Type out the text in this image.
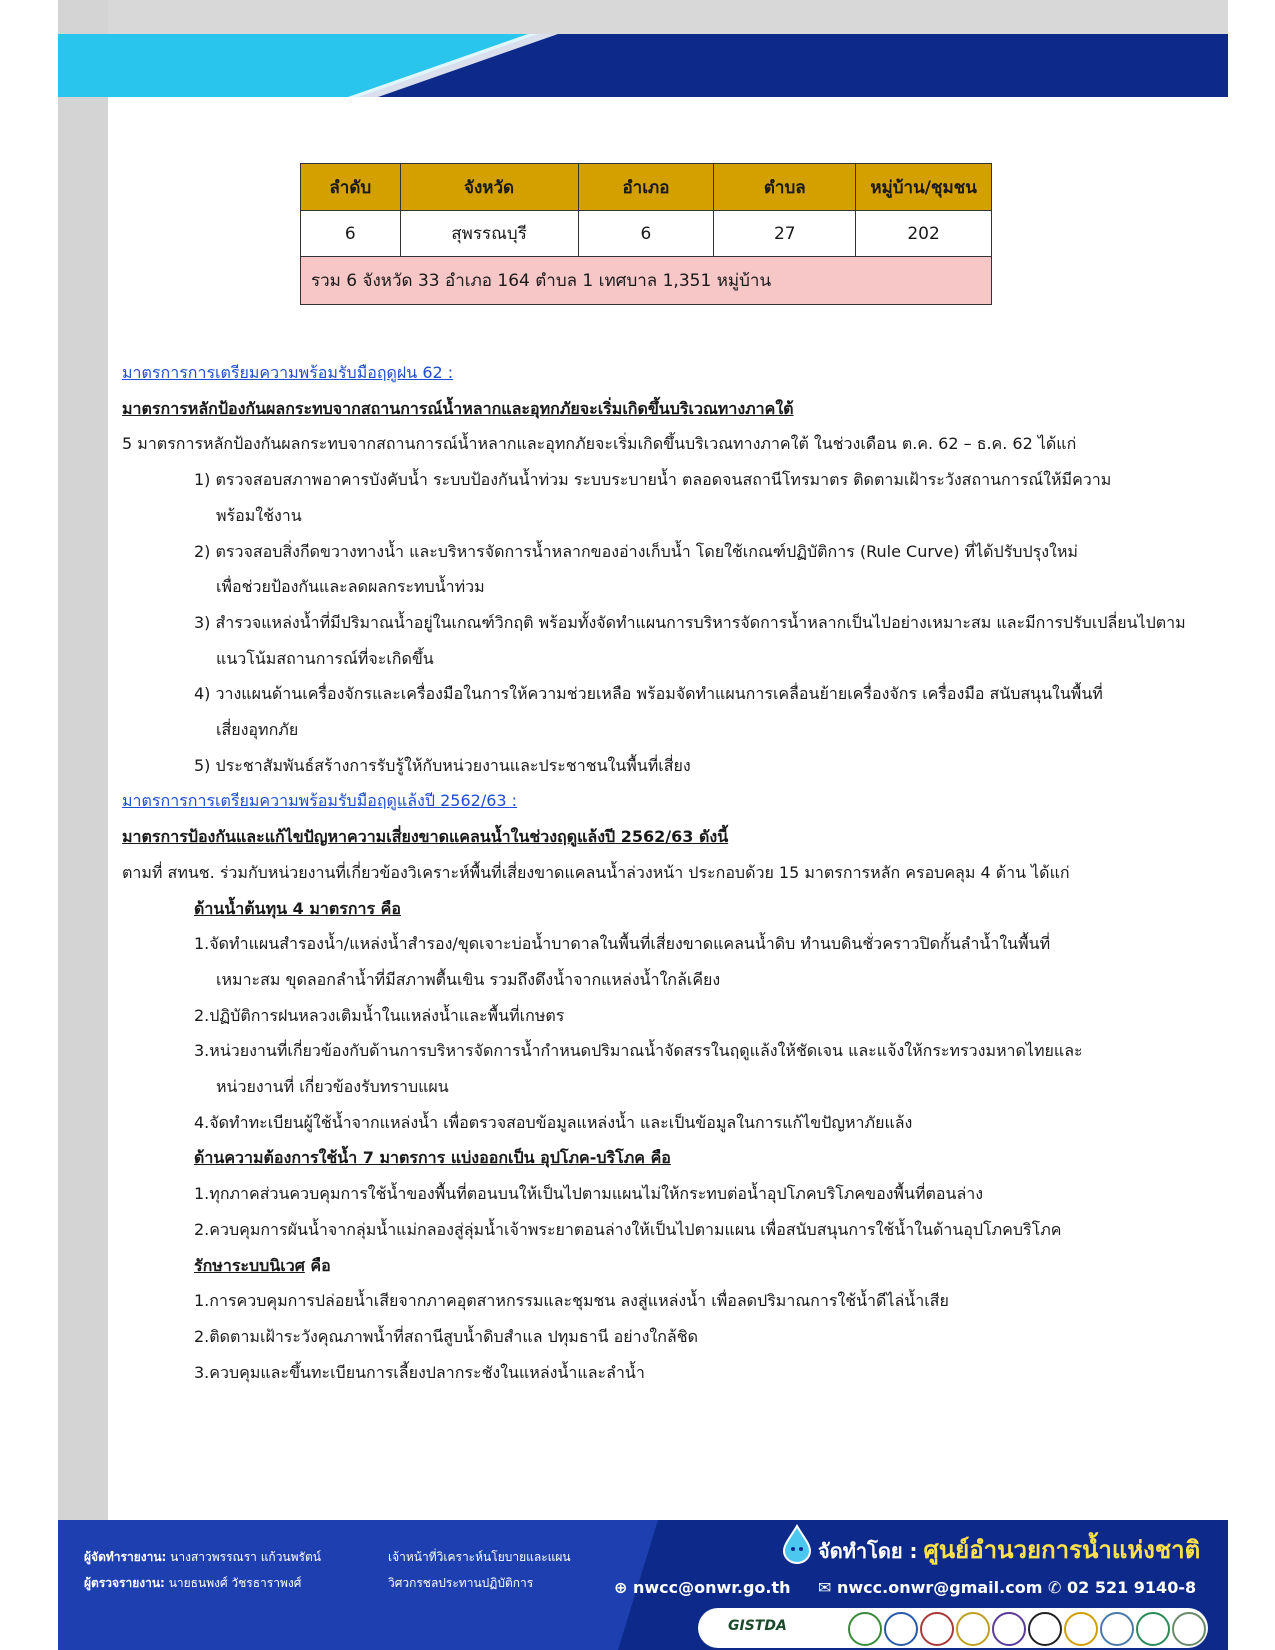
ลำดับ	จังหวัด	อำเภอ	ตำบล	หมู่บ้าน/ชุมชน
6	สุพรรณบุรี	6	27	202
รวม 6 จังหวัด 33 อำเภอ 164 ตำบล 1 เทศบาล 1,351 หมู่บ้าน				

มาตรการการเตรียมความพร้อมรับมือฤดูฝน 62 :

มาตรการหลักป้องกันผลกระทบจากสถานการณ์น้ำหลากและอุทกภัยจะเริ่มเกิดขึ้นบริเวณทางภาคใต้

5 มาตรการหลักป้องกันผลกระทบจากสถานการณ์น้ำหลากและอุทกภัยจะเริ่มเกิดขึ้นบริเวณทางภาคใต้ ในช่วงเดือน ต.ค. 62 – ธ.ค. 62 ได้แก่

1) ตรวจสอบสภาพอาคารบังคับน้ำ ระบบป้องกันน้ำท่วม ระบบระบายน้ำ ตลอดจนสถานีโทรมาตร ติดตามเฝ้าระวังสถานการณ์ให้มีความ

พร้อมใช้งาน

2) ตรวจสอบสิ่งกีดขวางทางน้ำ และบริหารจัดการน้ำหลากของอ่างเก็บน้ำ โดยใช้เกณฑ์ปฏิบัติการ (Rule Curve) ที่ได้ปรับปรุงใหม่

เพื่อช่วยป้องกันและลดผลกระทบน้ำท่วม

3) สำรวจแหล่งน้ำที่มีปริมาณน้ำอยู่ในเกณฑ์วิกฤติ พร้อมทั้งจัดทำแผนการบริหารจัดการน้ำหลากเป็นไปอย่างเหมาะสม และมีการปรับเปลี่ยนไปตาม

แนวโน้มสถานการณ์ที่จะเกิดขึ้น

4) วางแผนด้านเครื่องจักรและเครื่องมือในการให้ความช่วยเหลือ พร้อมจัดทำแผนการเคลื่อนย้ายเครื่องจักร เครื่องมือ สนับสนุนในพื้นที่

เสี่ยงอุทกภัย

5) ประชาสัมพันธ์สร้างการรับรู้ให้กับหน่วยงานและประชาชนในพื้นที่เสี่ยง

มาตรการการเตรียมความพร้อมรับมือฤดูแล้งปี 2562/63 :

มาตรการป้องกันและแก้ไขปัญหาความเสี่ยงขาดแคลนน้ำในช่วงฤดูแล้งปี 2562/63 ดังนี้

ตามที่ สทนช. ร่วมกับหน่วยงานที่เกี่ยวข้องวิเคราะห์พื้นที่เสี่ยงขาดแคลนน้ำล่วงหน้า ประกอบด้วย 15 มาตรการหลัก ครอบคลุม 4 ด้าน ได้แก่

ด้านน้ำต้นทุน 4 มาตรการ คือ

1.จัดทำแผนสำรองน้ำ/แหล่งน้ำสำรอง/ขุดเจาะบ่อน้ำบาดาลในพื้นที่เสี่ยงขาดแคลนน้ำดิบ ทำนบดินชั่วคราวปิดกั้นลำน้ำในพื้นที่

เหมาะสม ขุดลอกลำน้ำที่มีสภาพตื้นเขิน รวมถึงดึงน้ำจากแหล่งน้ำใกล้เคียง

2.ปฏิบัติการฝนหลวงเติมน้ำในแหล่งน้ำและพื้นที่เกษตร

3.หน่วยงานที่เกี่ยวข้องกับด้านการบริหารจัดการน้ำกำหนดปริมาณน้ำจัดสรรในฤดูแล้งให้ชัดเจน และแจ้งให้กระทรวงมหาดไทยและ

หน่วยงานที่ เกี่ยวข้องรับทราบแผน

4.จัดทำทะเบียนผู้ใช้น้ำจากแหล่งน้ำ เพื่อตรวจสอบข้อมูลแหล่งน้ำ และเป็นข้อมูลในการแก้ไขปัญหาภัยแล้ง

ด้านความต้องการใช้น้ำ 7 มาตรการ แบ่งออกเป็น อุปโภค-บริโภค คือ

1.ทุกภาคส่วนควบคุมการใช้น้ำของพื้นที่ตอนบนให้เป็นไปตามแผนไม่ให้กระทบต่อน้ำอุปโภคบริโภคของพื้นที่ตอนล่าง

2.ควบคุมการผันน้ำจากลุ่มน้ำแม่กลองสู่ลุ่มน้ำเจ้าพระยาตอนล่างให้เป็นไปตามแผน เพื่อสนับสนุนการใช้น้ำในด้านอุปโภคบริโภค

รักษาระบบนิเวศ คือ

1.การควบคุมการปล่อยน้ำเสียจากภาคอุตสาหกรรมและชุมชน ลงสู่แหล่งน้ำ เพื่อลดปริมาณการใช้น้ำดีไล่น้ำเสีย

2.ติดตามเฝ้าระวังคุณภาพน้ำที่สถานีสูบน้ำดิบสำแล ปทุมธานี อย่างใกล้ชิด

3.ควบคุมและขึ้นทะเบียนการเลี้ยงปลากระชังในแหล่งน้ำและลำน้ำ

ผู้จัดทำรายงาน: นางสาวพรรณรา แก้วนพรัตน์	เจ้าหน้าที่วิเคราะห์นโยบายและแผน
ผู้ตรวจรายงาน: นายธนพงศ์ วัชรธาราพงศ์	วิศวกรชลประทานปฏิบัติการ
จัดทำโดย : ศูนย์อำนวยการน้ำแห่งชาติ
⊕ nwcc@onwr.go.th ✉ nwcc.onwr@gmail.com ✆ 02 521 9140-8
GISTDA
